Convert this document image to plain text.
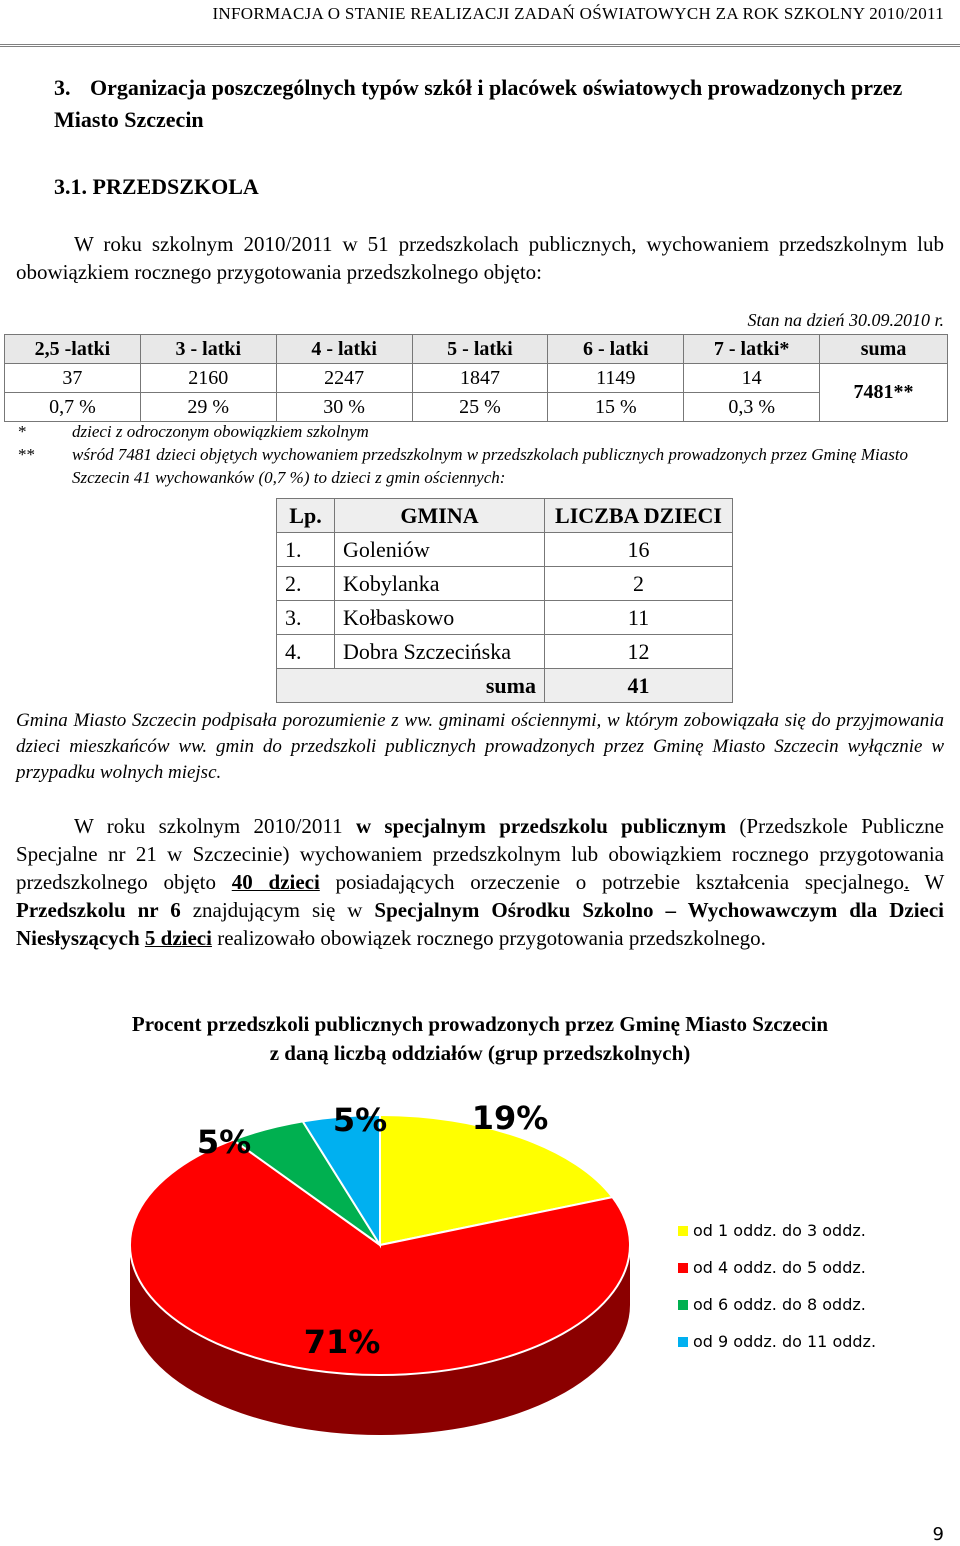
INFORMACJA O STANIE REALIZACJI ZADAŃ OŚWIATOWYCH ZA ROK SZKOLNY 2010/2011
3. Organizacja poszczególnych typów szkół i placówek oświatowych prowadzonych przez Miasto Szczecin
3.1. PRZEDSZKOLA

W roku szkolnym 2010/2011 w 51 przedszkolach publicznych, wychowaniem przedszkolnym lub obowiązkiem rocznego przygotowania przedszkolnego objęto:

Stan na dzień 30.09.2010 r.
2,5 -latki	3 - latki	4 - latki	5 - latki	6 - latki	7 - latki*	suma
37	2160	2247	1847	1149	14	7481**
0,7 %	29 %	30 %	25 %	15 %	0,3 %	
*	dzieci z odroczonym obowiązkiem szkolnym
**	wśród 7481 dzieci objętych wychowaniem przedszkolnym w przedszkolach publicznych prowadzonych przez Gminę Miasto Szczecin 41 wychowanków (0,7 %) to dzieci z gmin ościennych:
Lp.	GMINA	LICZBA DZIECI
1.	Goleniów	16
2.	Kobylanka	2
3.	Kołbaskowo	11
4.	Dobra Szczecińska	12
suma		41

Gmina Miasto Szczecin podpisała porozumienie z ww. gminami ościennymi, w którym zobowiązała się do przyjmowania dzieci mieszkańców ww. gmin do przedszkoli publicznych prowadzonych przez Gminę Miasto Szczecin wyłącznie w przypadku wolnych miejsc.

W roku szkolnym 2010/2011 w specjalnym przedszkolu publicznym (Przedszkole Publiczne Specjalne nr 21 w Szczecinie) wychowaniem przedszkolnym lub obowiązkiem rocznego przygotowania przedszkolnego objęto 40 dzieci posiadających orzeczenie o potrzebie kształcenia specjalnego. W Przedszkolu nr 6 znajdującym się w Specjalnym Ośrodku Szkolno – Wychowawczym dla Dzieci Niesłyszących 5 dzieci realizowało obowiązek rocznego przygotowania przedszkolnego.

Procent przedszkoli publicznych prowadzonych przez Gminę Miasto Szczecin
z daną liczbą oddziałów (grup przedszkolnych)
19%
71%
5%
5%
od 1 oddz. do 3 oddz.
od 4 oddz. do 5 oddz.
od 6 oddz. do 8 oddz.
od 9 oddz. do 11 oddz.
9
